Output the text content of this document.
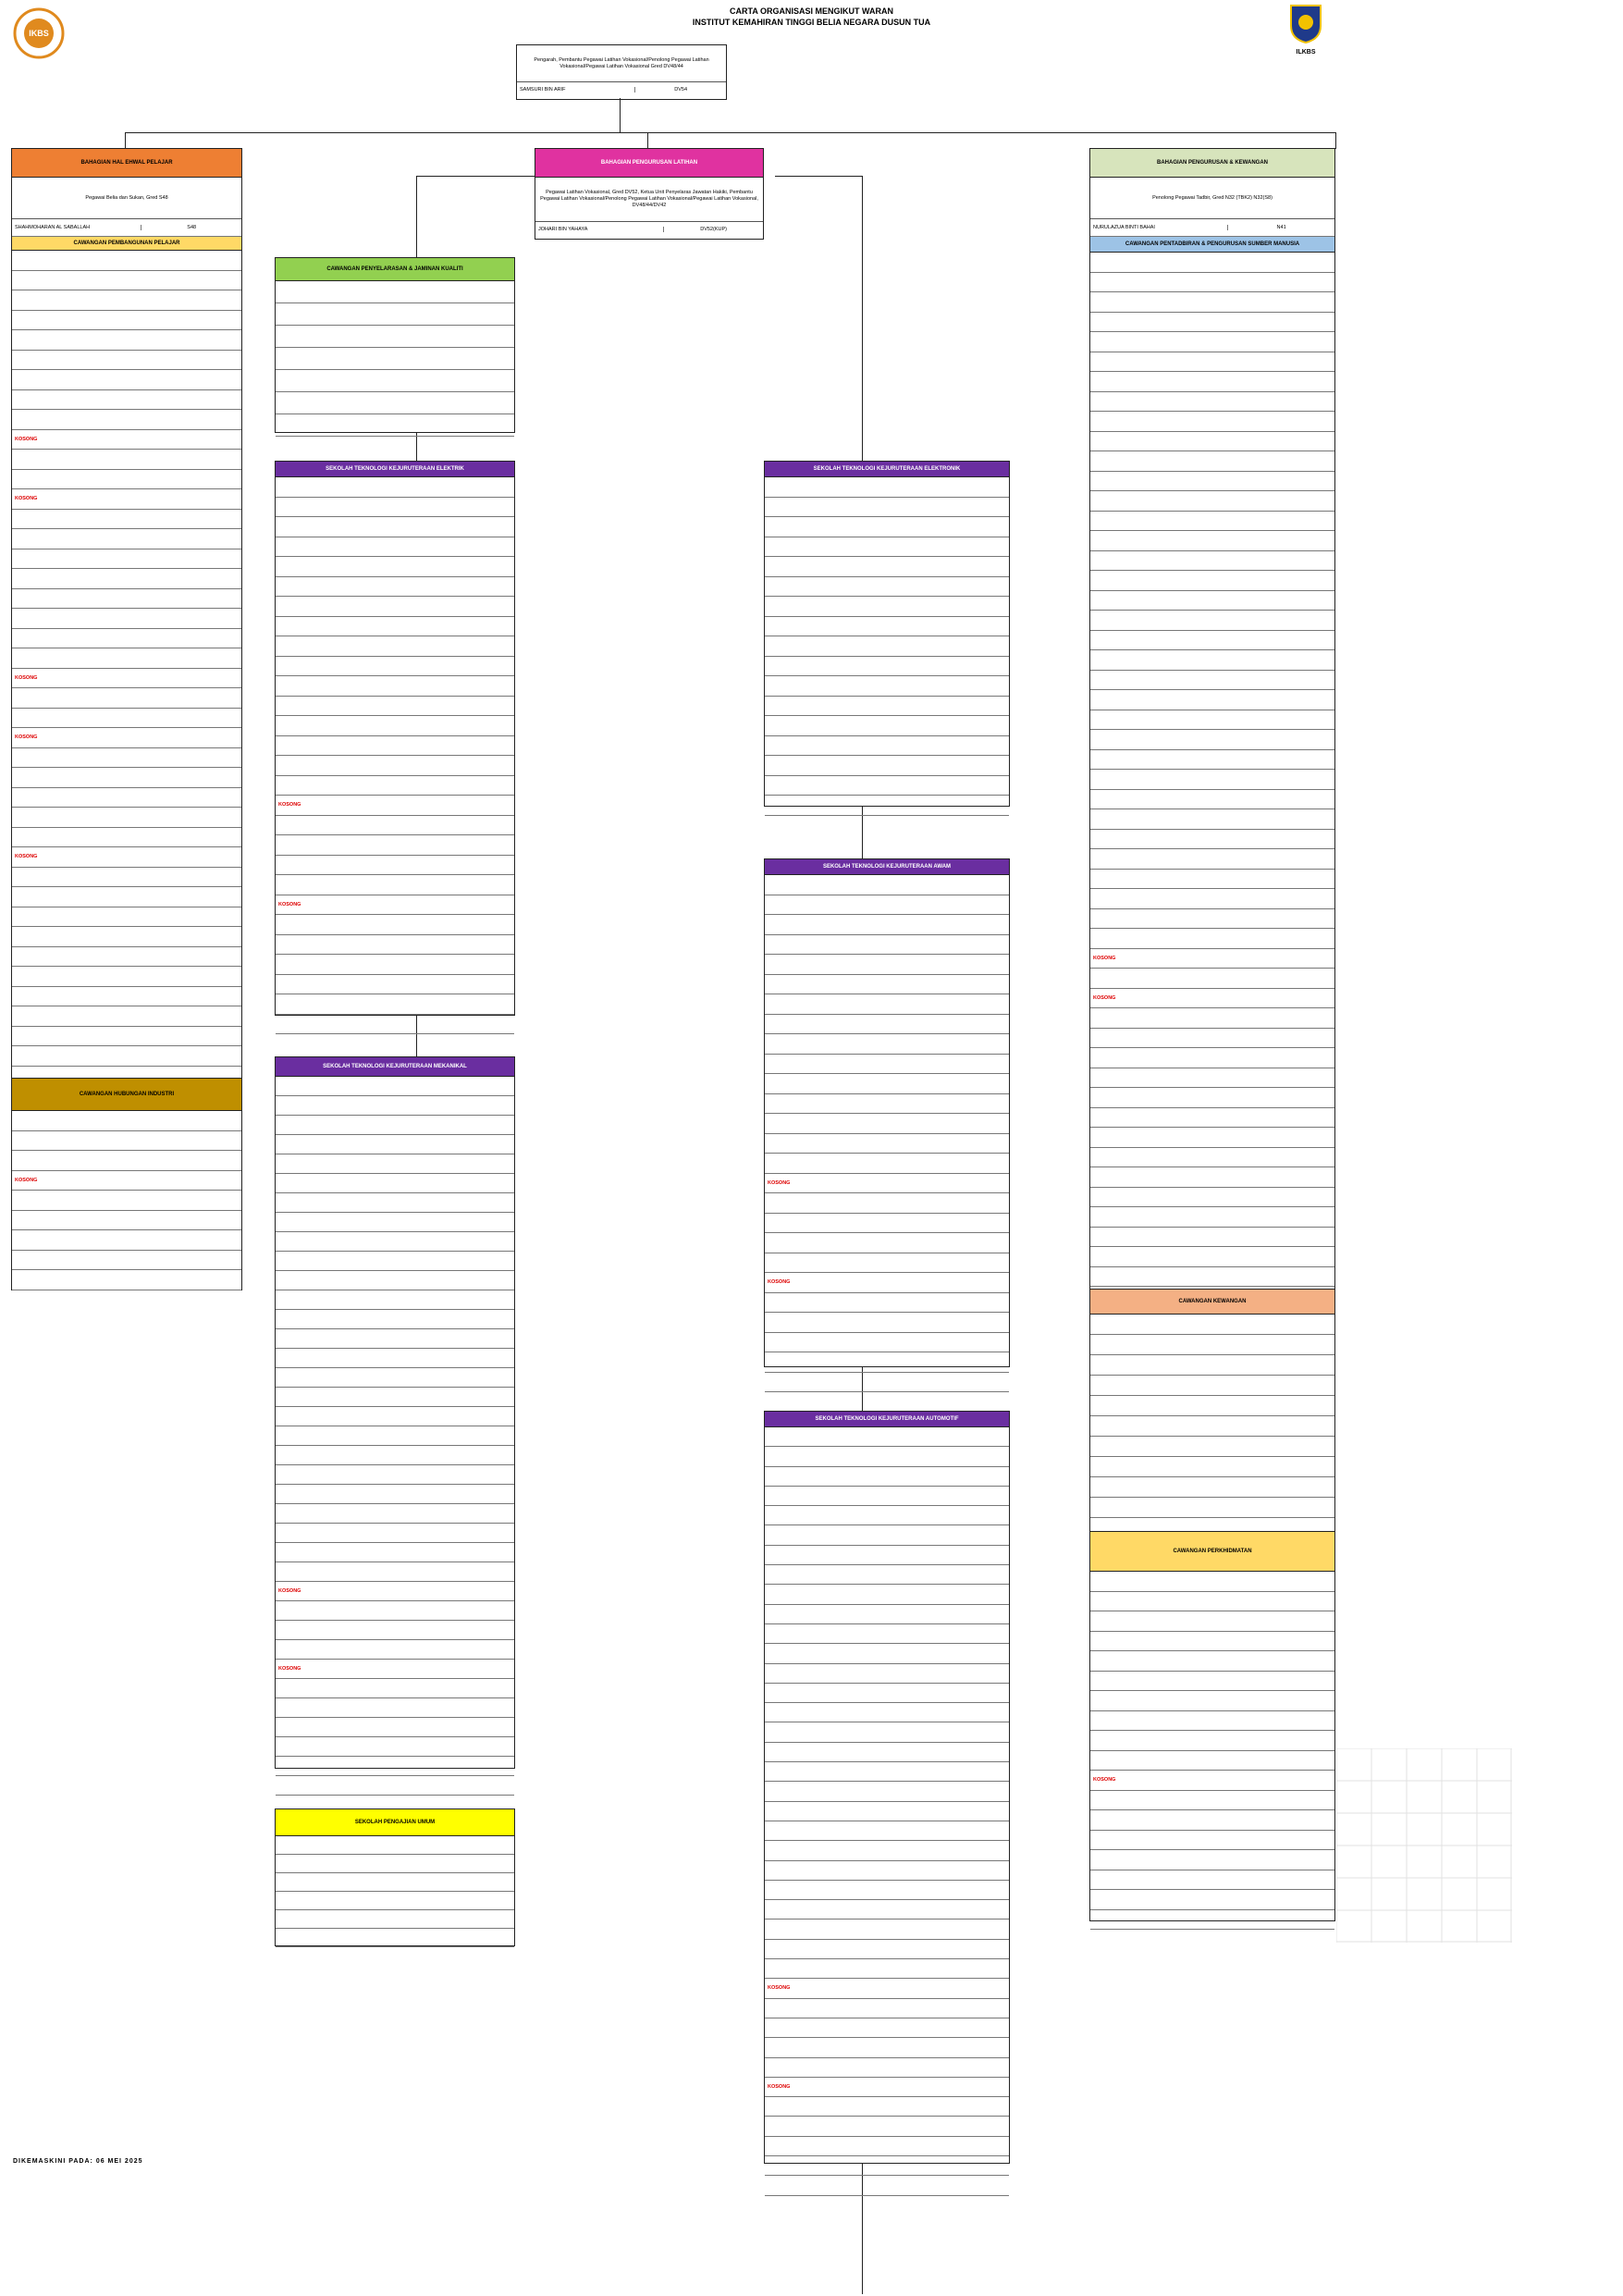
IKBS
CARTA ORGANISASI MENGIKUT WARAN
INSTITUT KEMAHIRAN TINGGI BELIA NEGARA DUSUN TUA
ILKBS
Pengarah, Pembantu Pegawai Latihan Vokasional/Penolong Pegawai Latihan Vokasional/Pegawai Latihan Vokasional Gred DV48/44
SAMSURI BIN ARIF	DV54
BAHAGIAN HAL EHWAL PELAJAR
Pegawai Belia dan Sukan, Gred S48
SHAHMOHARAN AL SABALLAH	S48
CAWANGAN PEMBANGUNAN PELAJAR
KOSONG
KOSONG
KOSONG
KOSONG
KOSONG
CAWANGAN HUBUNGAN INDUSTRI
KOSONG
CAWANGAN PENYELARASAN & JAMINAN KUALITI
SEKOLAH TEKNOLOGI KEJURUTERAAN ELEKTRIK
KOSONG
KOSONG
SEKOLAH TEKNOLOGI KEJURUTERAAN MEKANIKAL
KOSONG
KOSONG
SEKOLAH PENGAJIAN UMUM
BAHAGIAN PENGURUSAN LATIHAN
Pegawai Latihan Vokasional, Gred DV52, Ketua Unit Penyelaras Jawatan Hakiki, Pembantu Pegawai Latihan Vokasional/Penolong Pegawai Latihan Vokasional/Pegawai Latihan Vokasional, DV48/44/DV42
JOHARI BIN YAHAYA	DV52(KUP)
SEKOLAH TEKNOLOGI KEJURUTERAAN ELEKTRONIK
SEKOLAH TEKNOLOGI KEJURUTERAAN AWAM
KOSONG
KOSONG
SEKOLAH TEKNOLOGI KEJURUTERAAN AUTOMOTIF
KOSONG
KOSONG
BAHAGIAN PENGURUSAN & KEWANGAN
Penolong Pegawai Tadbir, Gred N32 (TBK2) N32(S8)
NURULAZUA BINTI BAHAI	N41
CAWANGAN PENTADBIRAN & PENGURUSAN SUMBER MANUSIA
KOSONG
KOSONG
CAWANGAN KEWANGAN
CAWANGAN PERKHIDMATAN
KOSONG
DIKEMASKINI PADA: 06 MEI 2025
